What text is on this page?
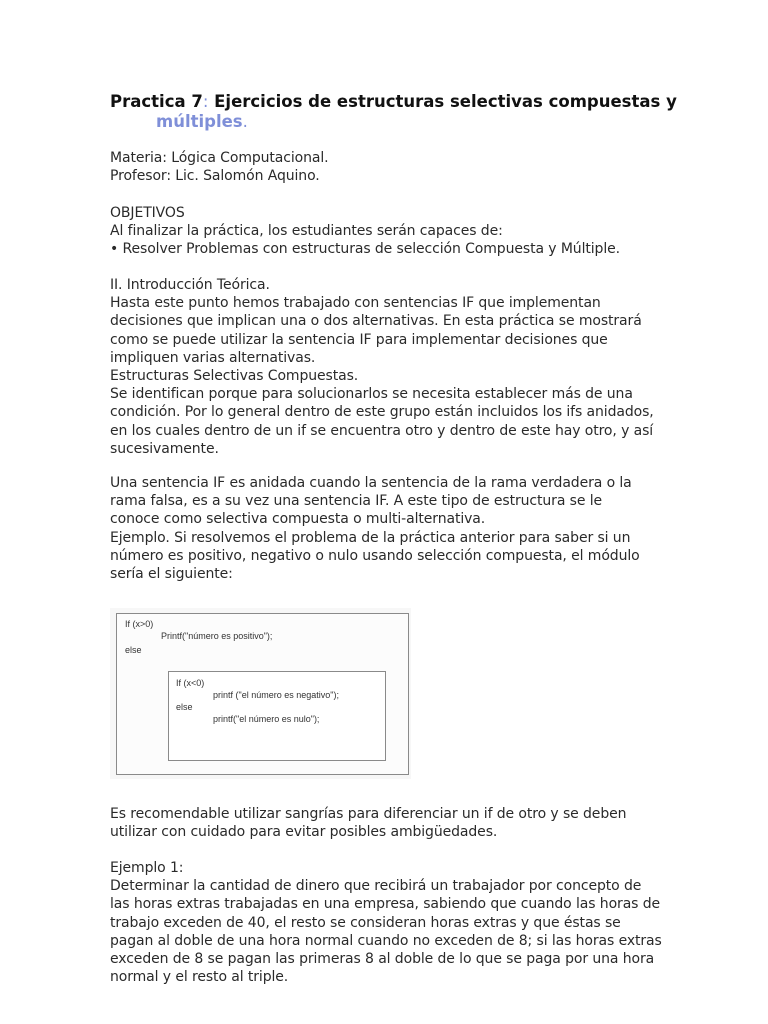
Practica 7: Ejercicios de estructuras selectivas compuestas y
múltiples.
Materia: Lógica Computacional.
Profesor: Lic. Salomón Aquino.
OBJETIVOS
Al finalizar la práctica, los estudiantes serán capaces de:
• Resolver Problemas con estructuras de selección Compuesta y Múltiple.
II. Introducción Teórica.
Hasta este punto hemos trabajado con sentencias IF que implementan
decisiones que implican una o dos alternativas. En esta práctica se mostrará
como se puede utilizar la sentencia IF para implementar decisiones que
impliquen varias alternativas.
Estructuras Selectivas Compuestas.
Se identifican porque para solucionarlos se necesita establecer más de una
condición. Por lo general dentro de este grupo están incluidos los ifs anidados,
en los cuales dentro de un if se encuentra otro y dentro de este hay otro, y así
sucesivamente.
Una sentencia IF es anidada cuando la sentencia de la rama verdadera o la
rama falsa, es a su vez una sentencia IF. A este tipo de estructura se le
conoce como selectiva compuesta o multi-alternativa.
Ejemplo. Si resolvemos el problema de la práctica anterior para saber si un
número es positivo, negativo o nulo usando selección compuesta, el módulo
sería el siguiente:
If (x>0)
Printf("número es positivo");
else
If (x<0)
printf ("el número es negativo");
else
printf("el número es nulo");
Es recomendable utilizar sangrías para diferenciar un if de otro y se deben
utilizar con cuidado para evitar posibles ambigüedades.
Ejemplo 1:
Determinar la cantidad de dinero que recibirá un trabajador por concepto de
las horas extras trabajadas en una empresa, sabiendo que cuando las horas de
trabajo exceden de 40, el resto se consideran horas extras y que éstas se
pagan al doble de una hora normal cuando no exceden de 8; si las horas extras
exceden de 8 se pagan las primeras 8 al doble de lo que se paga por una hora
normal y el resto al triple.
